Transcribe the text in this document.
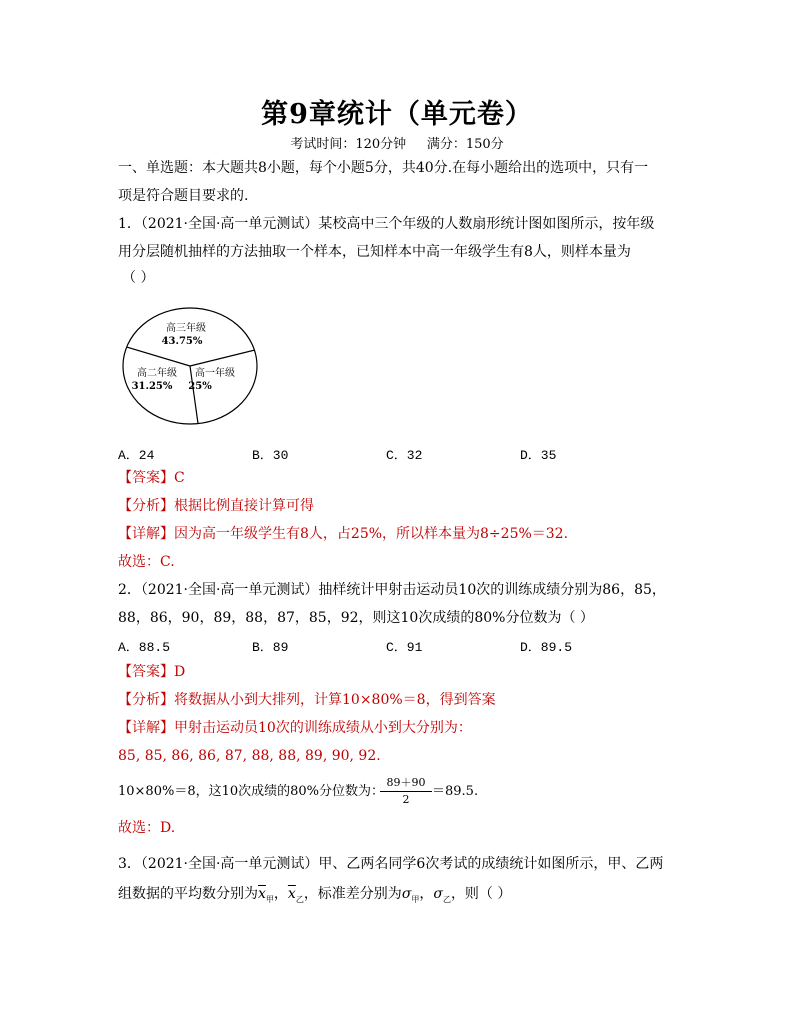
第9章统计（单元卷）
考试时间：120分钟 满分：150分
一、单选题：本大题共8小题，每个小题5分，共40分.在每小题给出的选项中，只有一
项是符合题目要求的.
1．（2021·全国·高一单元测试）某校高中三个年级的人数扇形统计图如图所示，按年级
用分层随机抽样的方法抽取一个样本，已知样本中高一年级学生有8人，则样本量为
（ ）
高三年级
43.75%
高二年级
31.25%
高一年级
25%
A．24	B．30	C．32	D．35
【答案】C
【分析】根据比例直接计算可得
【详解】因为高一年级学生有8人，占25%，所以样本量为8÷25%＝32.
故选：C.
2．（2021·全国·高一单元测试）抽样统计甲射击运动员10次的训练成绩分别为86，85，
88，86，90，89，88，87，85，92，则这10次成绩的80%分位数为（ ）
A．88.5	B．89	C．91	D．89.5
【答案】D
【分析】将数据从小到大排列，计算10×80%＝8，得到答案
【详解】甲射击运动员10次的训练成绩从小到大分别为：
85, 85, 86, 86, 87, 88, 88, 89, 90, 92.
10×80%＝8，这10次成绩的80%分位数为：
$\frac{89+90}{2} =89.5$.
故选：D.
3．（2021·全国·高一单元测试）甲、乙两名同学6次考试的成绩统计如图所示，甲、乙两
组数据的平均数分别为$\overline{x}_甲$，$\overline{x}_乙$，标准差分别为$\sigma_甲$，$\sigma_乙$，则（ ）
